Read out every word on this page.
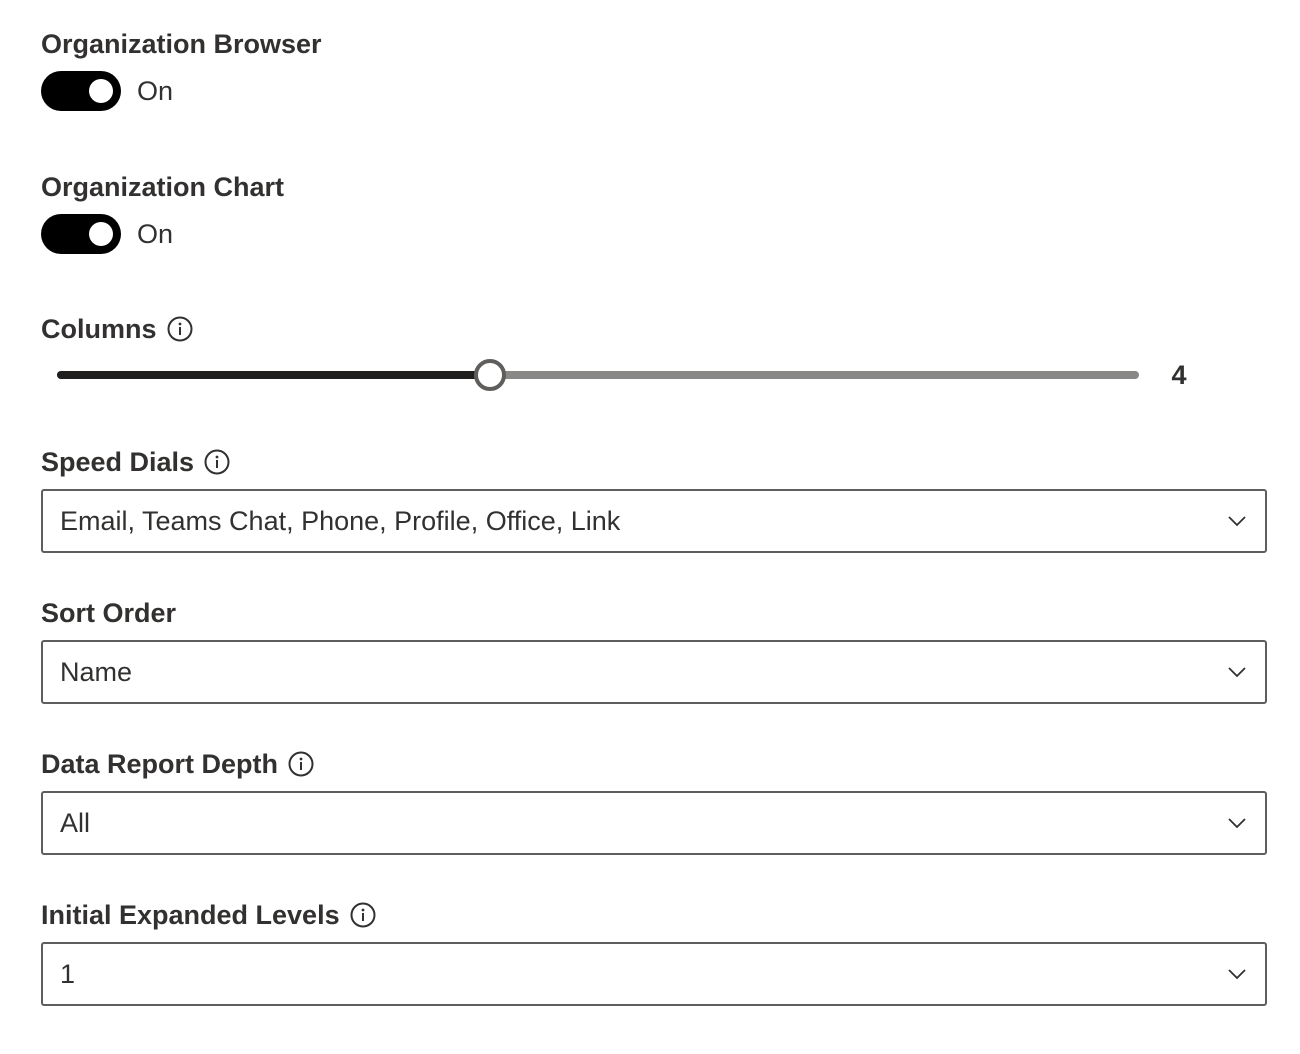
Organization Browser
On
Organization Chart
On
Columns
4
Speed Dials
Email, Teams Chat, Phone, Profile, Office, Link
Sort Order
Name
Data Report Depth
All
Initial Expanded Levels
1
